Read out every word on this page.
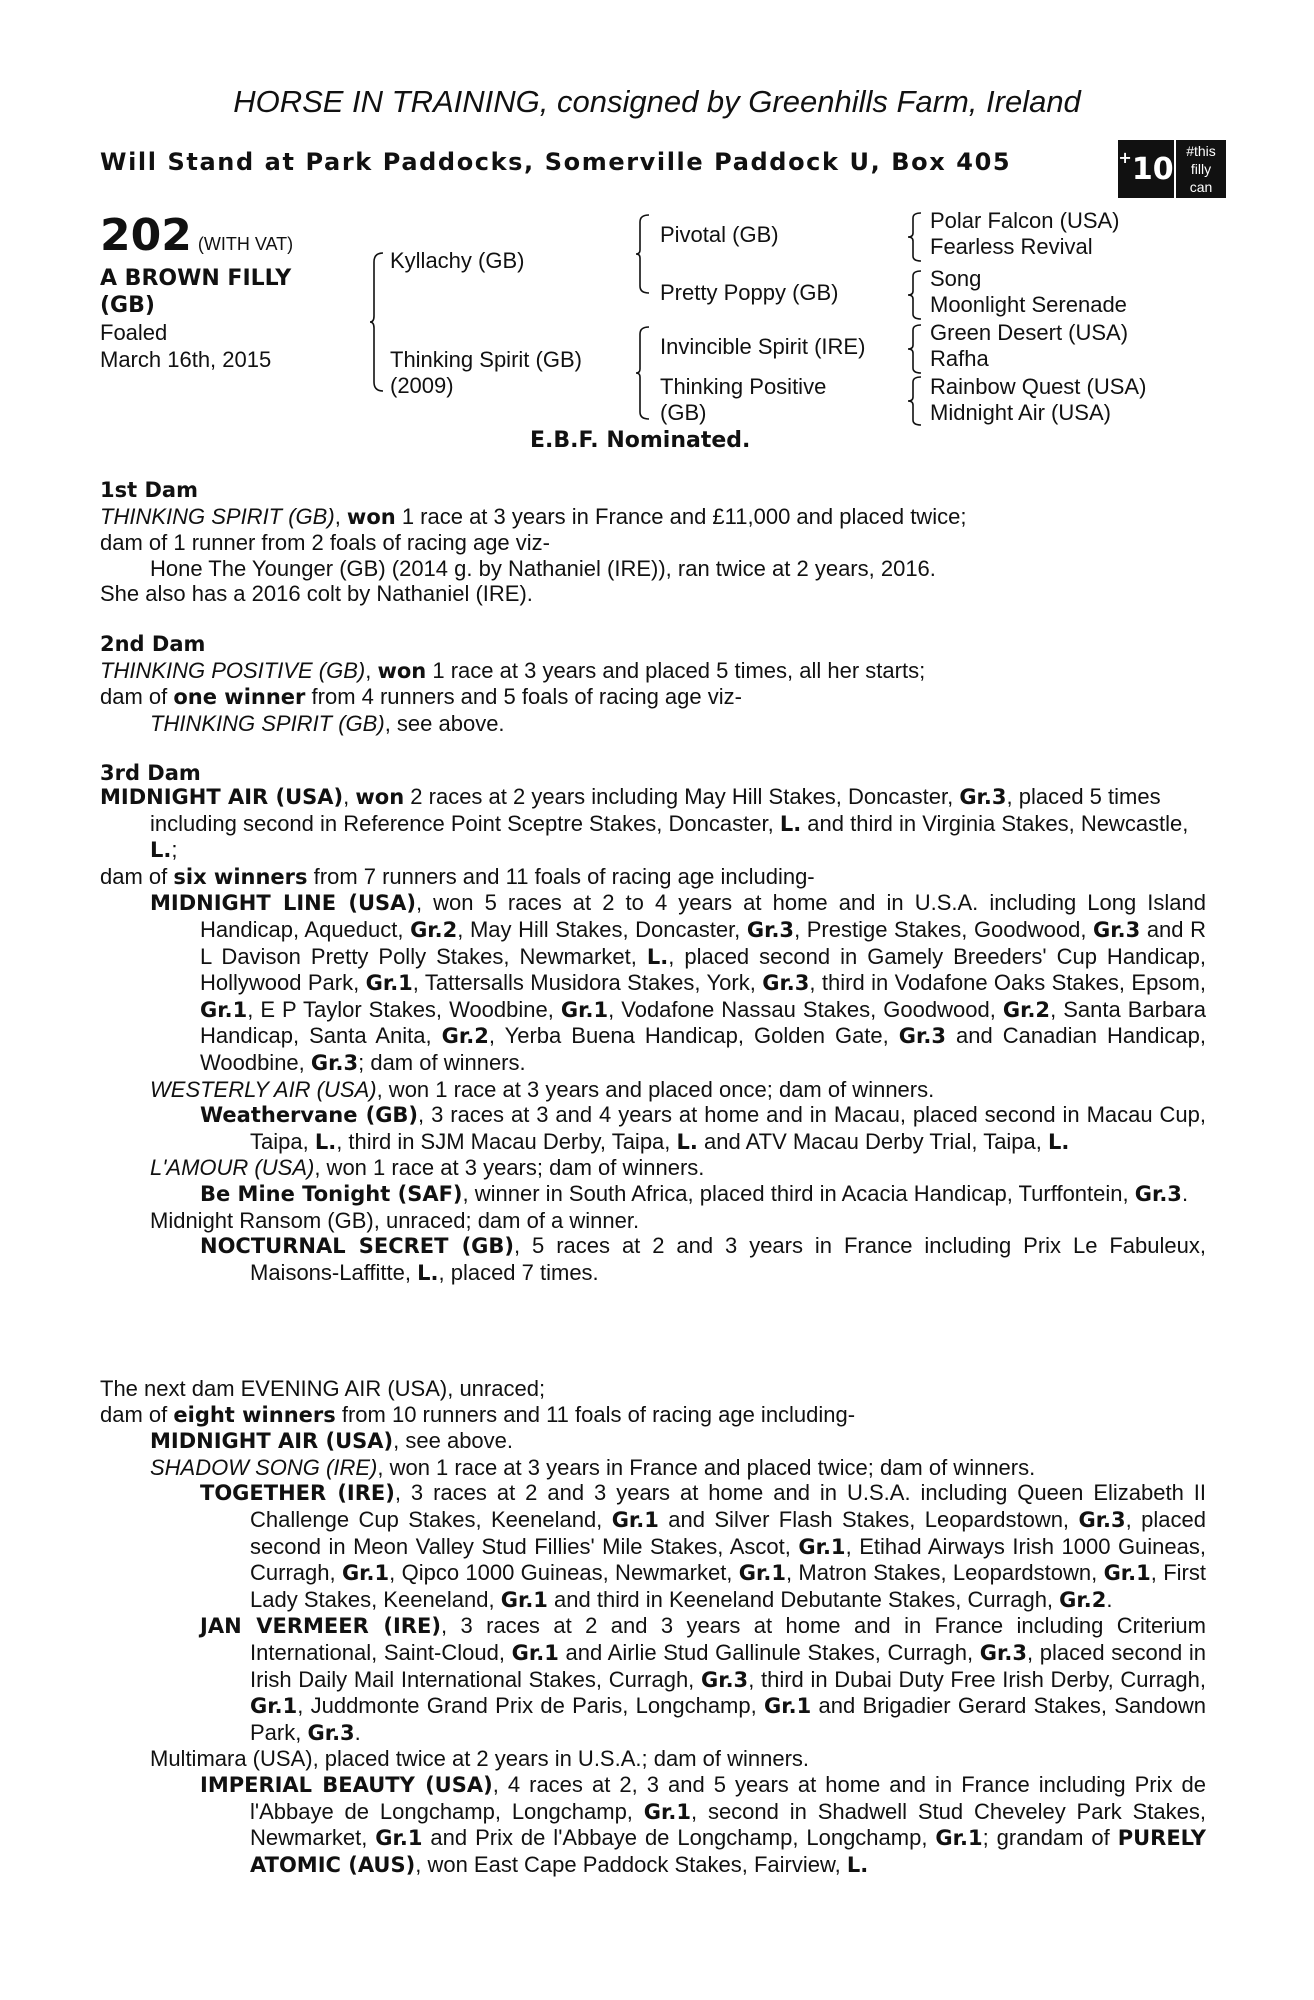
HORSE IN TRAINING, consigned by Greenhills Farm, Ireland
Will Stand at Park Paddocks, Somerville Paddock U, Box 405	+ 10
#this
filly
can
202 (WITH VAT)
A BROWN FILLY
(GB)
Foaled
March 16th, 2015
Kyllachy (GB)
Thinking Spirit (GB)
(2009)
Pivotal (GB)
Pretty Poppy (GB)
Invincible Spirit (IRE)
Thinking Positive
(GB)
Polar Falcon (USA)
Fearless Revival
Song
Moonlight Serenade
Green Desert (USA)
Rafha
Rainbow Quest (USA)
Midnight Air (USA)
E.B.F. Nominated.
1st Dam
THINKING SPIRIT (GB), won 1 race at 3 years in France and £11,000 and placed twice;
dam of 1 runner from 2 foals of racing age viz-
Hone The Younger (GB) (2014 g. by Nathaniel (IRE)), ran twice at 2 years, 2016.
She also has a 2016 colt by Nathaniel (IRE).
2nd Dam
THINKING POSITIVE (GB), won 1 race at 3 years and placed 5 times, all her starts;
dam of one winner from 4 runners and 5 foals of racing age viz-
THINKING SPIRIT (GB), see above.
3rd Dam
MIDNIGHT AIR (USA), won 2 races at 2 years including May Hill Stakes, Doncaster, Gr.3, placed 5 times including second in Reference Point Sceptre Stakes, Doncaster, L. and third in Virginia Stakes, Newcastle, L.;
dam of six winners from 7 runners and 11 foals of racing age including-
MIDNIGHT LINE (USA), won 5 races at 2 to 4 years at home and in U.S.A. including Long Island Handicap, Aqueduct, Gr.2, May Hill Stakes, Doncaster, Gr.3, Prestige Stakes, Goodwood, Gr.3 and R L Davison Pretty Polly Stakes, Newmarket, L., placed second in Gamely Breeders' Cup Handicap, Hollywood Park, Gr.1, Tattersalls Musidora Stakes, York, Gr.3, third in Vodafone Oaks Stakes, Epsom, Gr.1, E P Taylor Stakes, Woodbine, Gr.1, Vodafone Nassau Stakes, Goodwood, Gr.2, Santa Barbara Handicap, Santa Anita, Gr.2, Yerba Buena Handicap, Golden Gate, Gr.3 and Canadian Handicap, Woodbine, Gr.3; dam of winners.
WESTERLY AIR (USA), won 1 race at 3 years and placed once; dam of winners.
Weathervane (GB), 3 races at 3 and 4 years at home and in Macau, placed second in Macau Cup, Taipa, L., third in SJM Macau Derby, Taipa, L. and ATV Macau Derby Trial, Taipa, L.
L'AMOUR (USA), won 1 race at 3 years; dam of winners.
Be Mine Tonight (SAF), winner in South Africa, placed third in Acacia Handicap, Turffontein, Gr.3.
Midnight Ransom (GB), unraced; dam of a winner.
NOCTURNAL SECRET (GB), 5 races at 2 and 3 years in France including Prix Le Fabuleux, Maisons-Laffitte, L., placed 7 times.
The next dam EVENING AIR (USA), unraced;
dam of eight winners from 10 runners and 11 foals of racing age including-
MIDNIGHT AIR (USA), see above.
SHADOW SONG (IRE), won 1 race at 3 years in France and placed twice; dam of winners.
TOGETHER (IRE), 3 races at 2 and 3 years at home and in U.S.A. including Queen Elizabeth II Challenge Cup Stakes, Keeneland, Gr.1 and Silver Flash Stakes, Leopardstown, Gr.3, placed second in Meon Valley Stud Fillies' Mile Stakes, Ascot, Gr.1, Etihad Airways Irish 1000 Guineas, Curragh, Gr.1, Qipco 1000 Guineas, Newmarket, Gr.1, Matron Stakes, Leopardstown, Gr.1, First Lady Stakes, Keeneland, Gr.1 and third in Keeneland Debutante Stakes, Curragh, Gr.2.
JAN VERMEER (IRE), 3 races at 2 and 3 years at home and in France including Criterium International, Saint-Cloud, Gr.1 and Airlie Stud Gallinule Stakes, Curragh, Gr.3, placed second in Irish Daily Mail International Stakes, Curragh, Gr.3, third in Dubai Duty Free Irish Derby, Curragh, Gr.1, Juddmonte Grand Prix de Paris, Longchamp, Gr.1 and Brigadier Gerard Stakes, Sandown Park, Gr.3.
Multimara (USA), placed twice at 2 years in U.S.A.; dam of winners.
IMPERIAL BEAUTY (USA), 4 races at 2, 3 and 5 years at home and in France including Prix de l'Abbaye de Longchamp, Longchamp, Gr.1, second in Shadwell Stud Cheveley Park Stakes, Newmarket, Gr.1 and Prix de l'Abbaye de Longchamp, Longchamp, Gr.1; grandam of PURELY ATOMIC (AUS), won East Cape Paddock Stakes, Fairview, L.
